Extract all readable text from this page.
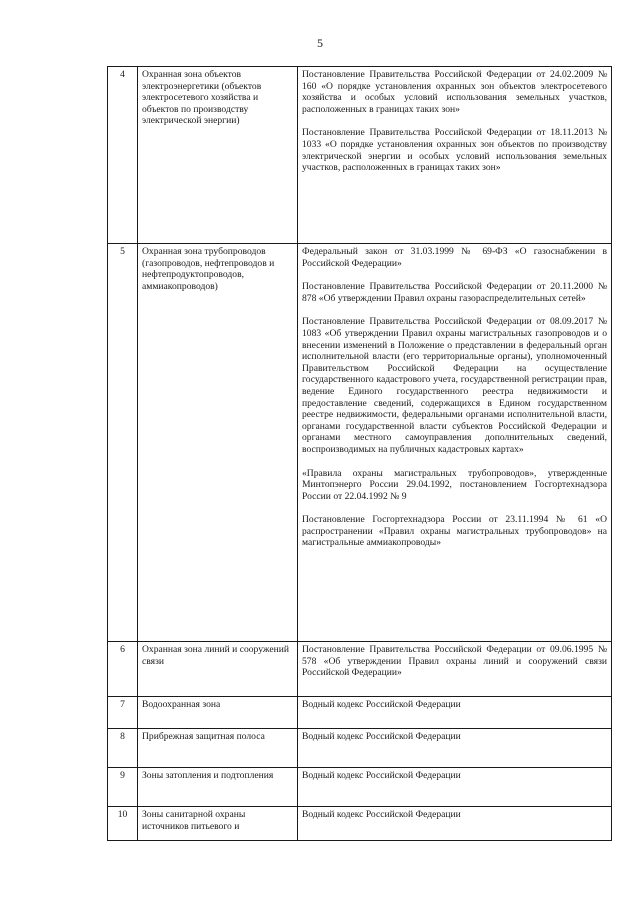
5
4	Охранная зона объектов электроэнергетики (объектов электросетевого хозяйства и объектов по производству электрической энергии)	Постановление Правительства Российской Федерации от 24.02.2009 № 160 «О порядке установления охранных зон объектов электросетевого хозяйства и особых условий использования земельных участков, расположенных в границах таких зон»

Постановление Правительства Российской Федерации от 18.11.2013 № 1033 «О порядке установления охранных зон объектов по производству электрической энергии и особых условий использования земельных участков, расположенных в границах таких зон»

5	Охранная зона трубопроводов (газопроводов, нефтепроводов и нефтепродуктопроводов, аммиакопроводов)	Федеральный закон от 31.03.1999 № 69-ФЗ «О газоснабжении в Российской Федерации»

Постановление Правительства Российской Федерации от 20.11.2000 № 878 «Об утверждении Правил охраны газораспределительных сетей»

Постановление Правительства Российской Федерации от 08.09.2017 № 1083 «Об утверждении Правил охраны магистральных газопроводов и о внесении изменений в Положение о представлении в федеральный орган исполнительной власти (его территориальные органы), уполномоченный Правительством Российской Федерации на осуществление государственного кадастрового учета, государственной регистрации прав, ведение Единого государственного реестра недвижимости и предоставление сведений, содержащихся в Едином государственном реестре недвижимости, федеральными органами исполнительной власти, органами государственной власти субъектов Российской Федерации и органами местного самоуправления дополнительных сведений, воспроизводимых на публичных кадастровых картах»

«Правила охраны магистральных трубопроводов», утвержденные Минтопэнерго России 29.04.1992, постановлением Госгортехнадзора России от 22.04.1992 № 9

Постановление Госгортехнадзора России от 23.11.1994 № 61 «О распространении «Правил охраны магистральных трубопроводов» на магистральные аммиакопроводы»

6	Охранная зона линий и сооружений связи	Постановление Правительства Российской Федерации от 09.06.1995 № 578 «Об утверждении Правил охраны линий и сооружений связи Российской Федерации»

7	Водоохранная зона	Водный кодекс Российской Федерации

8	Прибрежная защитная полоса	Водный кодекс Российской Федерации

9	Зоны затопления и подтопления	Водный кодекс Российской Федерации

10	Зоны санитарной охраны источников питьевого и	Водный кодекс Российской Федерации
